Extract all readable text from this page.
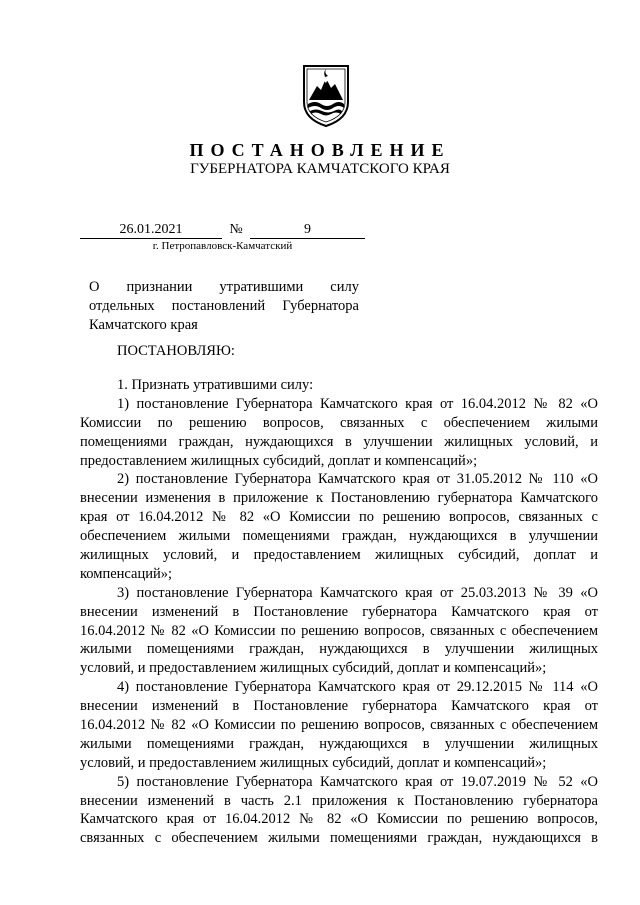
ПОСТАНОВЛЕНИЕ
ГУБЕРНАТОРА КАМЧАТСКОГО КРАЯ
26.01.2021	№	9
г. Петропавловск-Камчатский
О признании утратившими силу
отдельных постановлений Губернатора
Камчатского края
ПОСТАНОВЛЯЮ:
1. Признать утратившими силу:
1) постановление Губернатора Камчатского края от 16.04.2012 № 82 «О
Комиссии по решению вопросов, связанных с обеспечением жилыми
помещениями граждан, нуждающихся в улучшении жилищных условий, и
предоставлением жилищных субсидий, доплат и компенсаций»;
2) постановление Губернатора Камчатского края от 31.05.2012 № 110 «О
внесении изменения в приложение к Постановлению губернатора Камчатского
края от 16.04.2012 № 82 «О Комиссии по решению вопросов, связанных с
обеспечением жилыми помещениями граждан, нуждающихся в улучшении
жилищных условий, и предоставлением жилищных субсидий, доплат и
компенсаций»;
3) постановление Губернатора Камчатского края от 25.03.2013 № 39 «О
внесении изменений в Постановление губернатора Камчатского края от
16.04.2012 № 82 «О Комиссии по решению вопросов, связанных с обеспечением
жилыми помещениями граждан, нуждающихся в улучшении жилищных
условий, и предоставлением жилищных субсидий, доплат и компенсаций»;
4) постановление Губернатора Камчатского края от 29.12.2015 № 114 «О
внесении изменений в Постановление губернатора Камчатского края от
16.04.2012 № 82 «О Комиссии по решению вопросов, связанных с обеспечением
жилыми помещениями граждан, нуждающихся в улучшении жилищных
условий, и предоставлением жилищных субсидий, доплат и компенсаций»;
5) постановление Губернатора Камчатского края от 19.07.2019 № 52 «О
внесении изменений в часть 2.1 приложения к Постановлению губернатора
Камчатского края от 16.04.2012 № 82 «О Комиссии по решению вопросов,
связанных с обеспечением жилыми помещениями граждан, нуждающихся в
